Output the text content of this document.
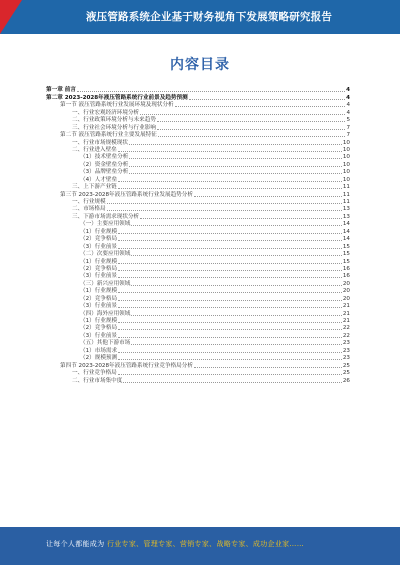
液压管路系统企业基于财务视角下发展策略研究报告
内容目录
第一章 前言	4
第二章 2023-2028年液压管路系统行业前景及趋势预测	4
第一节 液压管路系统行业发展环境及现状分析	4
一、行业宏观经济环境分析	4
二、行业政策环境分析与未来趋势	5
三、行业社会环境分析与行业影响	7
第二节 液压管路系统行业主要发展特征	7
一、行业市场规模现状	10
二、行业进入壁垒	10
（1）技术壁垒分析	10
（2）资金壁垒分析	10
（3）品牌壁垒分析	10
（4）人才壁垒	10
三、上下游产业链	11
第三节 2023-2028年液压管路系统行业发展趋势分析	11
一、行业规模	11
二、市场格局	13
三、下游市场需求现状分析	13
（一）主要应用领域	14
（1）行业规模	14
（2）竞争格局	14
（3）行业前景	15
（二）次要应用领域	15
（1）行业规模	15
（2）竞争格局	16
（3）行业前景	16
（三）新兴应用领域	20
（1）行业规模	20
（2）竞争格局	20
（3）行业前景	21
（四）海外应用领域	21
（1）行业规模	21
（2）竞争格局	22
（3）行业前景	22
（五）其他下游市场	23
（1）市场需求	23
（2）规模预测	23
第四节 2023-2028年液压管路系统行业竞争格局分析	25
一、行业竞争格局	25
二、行业市场集中度	26
让每个人都能成为 行业专家、管理专家、营销专家、战略专家、成功企业家……
